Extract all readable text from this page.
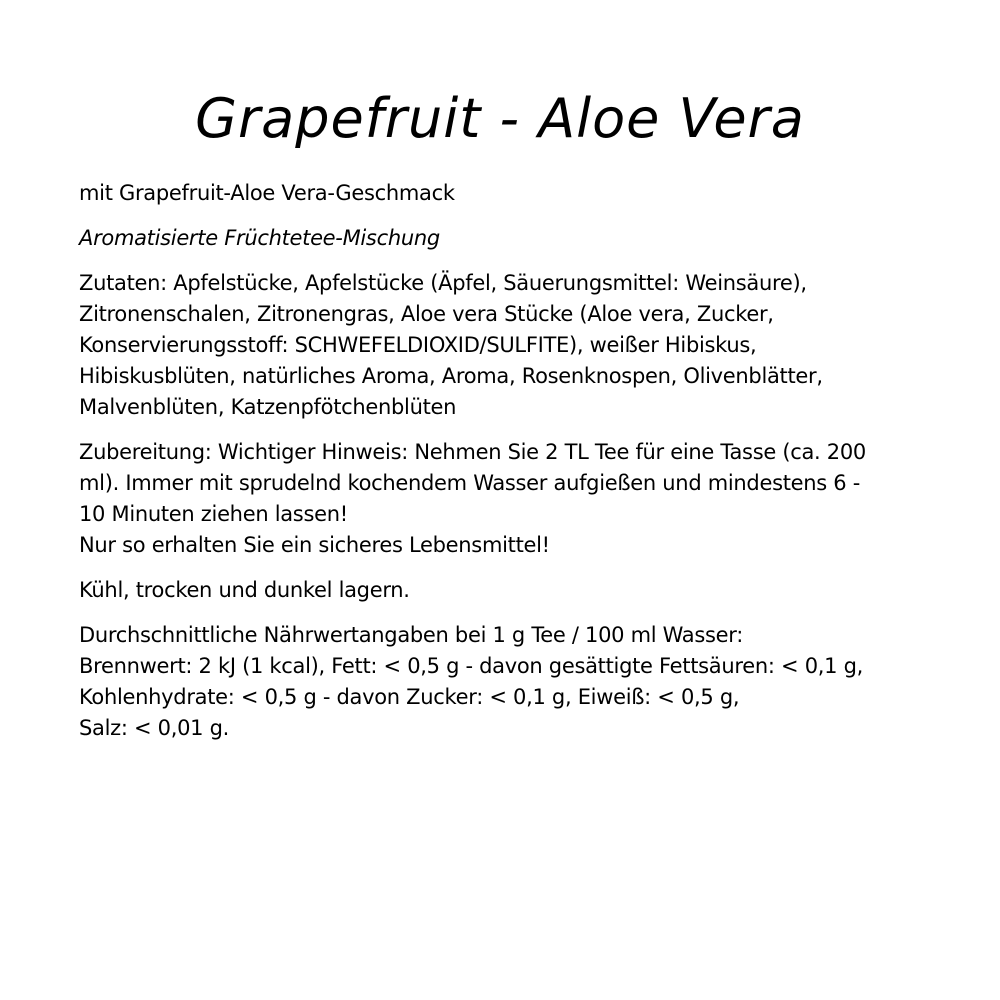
Grapefruit - Aloe Vera

mit Grapefruit-Aloe Vera-Geschmack

Aromatisierte Früchtetee-Mischung

Zutaten: Apfelstücke, Apfelstücke (Äpfel, Säuerungsmittel: Weinsäure),
Zitronenschalen, Zitronengras, Aloe vera Stücke (Aloe vera, Zucker,
Konservierungsstoff: SCHWEFELDIOXID/SULFITE), weißer Hibiskus,
Hibiskusblüten, natürliches Aroma, Aroma, Rosenknospen, Olivenblätter,
Malvenblüten, Katzenpfötchenblüten

Zubereitung: Wichtiger Hinweis: Nehmen Sie 2 TL Tee für eine Tasse (ca. 200
ml). Immer mit sprudelnd kochendem Wasser aufgießen und mindestens 6 -
10 Minuten ziehen lassen!
Nur so erhalten Sie ein sicheres Lebensmittel!

Kühl, trocken und dunkel lagern.

Durchschnittliche Nährwertangaben bei 1 g Tee / 100 ml Wasser:
Brennwert: 2 kJ (1 kcal), Fett: < 0,5 g - davon gesättigte Fettsäuren: < 0,1 g,
Kohlenhydrate: < 0,5 g - davon Zucker: < 0,1 g, Eiweiß: < 0,5 g,
Salz: < 0,01 g.
